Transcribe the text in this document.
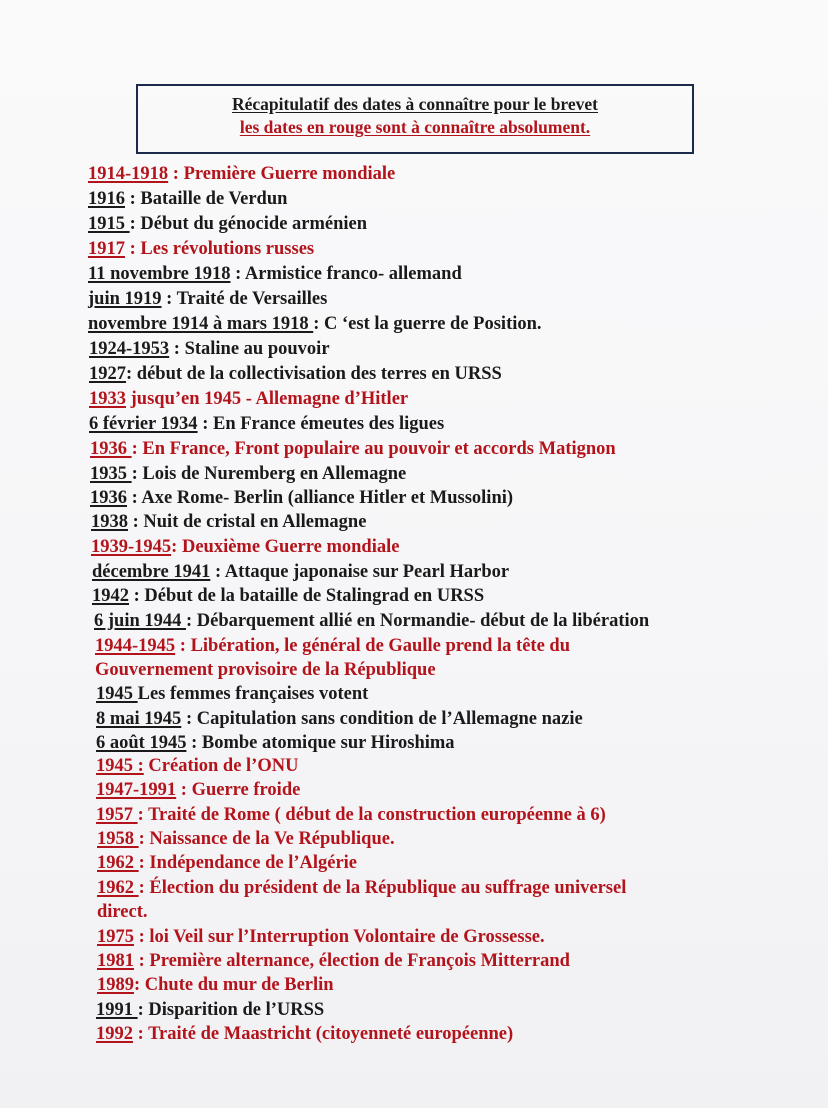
Récapitulatif des dates à connaître pour le brevet
les dates en rouge sont à connaître absolument.
1914-1918 : Première Guerre mondiale
1916 : Bataille de Verdun
1915 : Début du génocide arménien
1917 : Les révolutions russes
11 novembre 1918 : Armistice franco- allemand
juin 1919 : Traité de Versailles
novembre 1914 à mars 1918 : C ‘est la guerre de Position.
1924-1953 : Staline au pouvoir
1927: début de la collectivisation des terres en URSS
1933 jusqu’en 1945 - Allemagne d’Hitler
6 février 1934 : En France émeutes des ligues
1936 : En France, Front populaire au pouvoir et accords Matignon
1935 : Lois de Nuremberg en Allemagne
1936 : Axe Rome- Berlin (alliance Hitler et Mussolini)
1938 : Nuit de cristal en Allemagne
1939-1945: Deuxième Guerre mondiale
décembre 1941 : Attaque japonaise sur Pearl Harbor
1942 : Début de la bataille de Stalingrad en URSS
6 juin 1944 : Débarquement allié en Normandie- début de la libération
1944-1945 : Libération, le général de Gaulle prend la tête du
Gouvernement provisoire de la République
1945 Les femmes françaises votent
8 mai 1945 : Capitulation sans condition de l’Allemagne nazie
6 août 1945 : Bombe atomique sur Hiroshima
1945 : Création de l’ONU
1947-1991 : Guerre froide
1957 : Traité de Rome ( début de la construction européenne à 6)
1958 : Naissance de la Ve République.
1962 : Indépendance de l’Algérie
1962 : Élection du président de la République au suffrage universel
direct.
1975 : loi Veil sur l’Interruption Volontaire de Grossesse.
1981 : Première alternance, élection de François Mitterrand
1989: Chute du mur de Berlin
1991 : Disparition de l’URSS
1992 : Traité de Maastricht (citoyenneté européenne)
